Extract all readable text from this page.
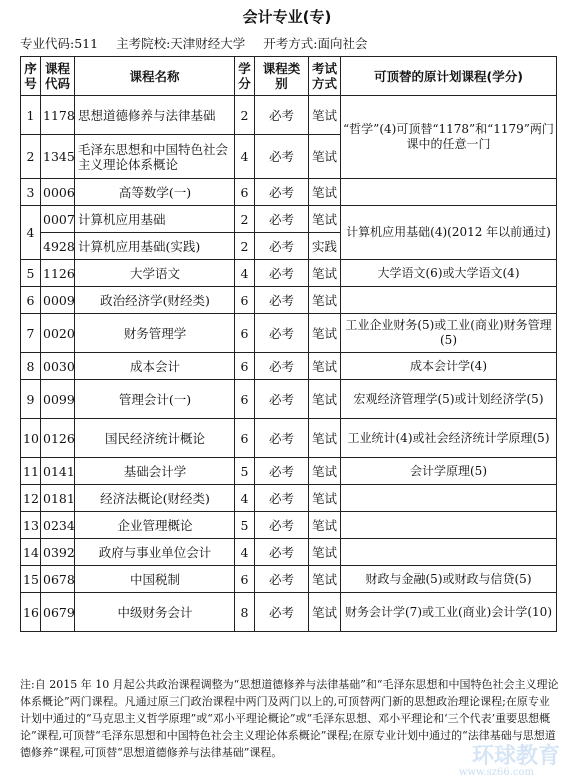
会计专业(专)
专业代码:511 主考院校:天津财经大学 开考方式:面向社会
序号	课程代码	课程名称	学分	课程类别	考试方式	可顶替的原计划课程(学分)
1	1178	思想道德修养与法律基础	2	必考	笔试	“哲学”(4)可顶替“1178”和“1179”两门课中的任意一门
2	1345	毛泽东思想和中国特色社会主义理论体系概论	4	必考	笔试	
3	0006	高等数学(一)	6	必考	笔试	
4	0007	计算机应用基础	2	必考	笔试	计算机应用基础(4)(2012 年以前通过)
	4928	计算机应用基础(实践)	2	必考	实践	
5	1126	大学语文	4	必考	笔试	大学语文(6)或大学语文(4)
6	0009	政治经济学(财经类)	6	必考	笔试	
7	0020	财务管理学	6	必考	笔试	工业企业财务(5)或工业(商业)财务管理(5)
8	0030	成本会计	6	必考	笔试	成本会计学(4)
9	0099	管理会计(一)	6	必考	笔试	宏观经济管理学(5)或计划经济学(5)
10	0126	国民经济统计概论	6	必考	笔试	工业统计(4)或社会经济统计学原理(5)
11	0141	基础会计学	5	必考	笔试	会计学原理(5)
12	0181	经济法概论(财经类)	4	必考	笔试	
13	0234	企业管理概论	5	必考	笔试	
14	0392	政府与事业单位会计	4	必考	笔试	
15	0678	中国税制	6	必考	笔试	财政与金融(5)或财政与信贷(5)
16	0679	中级财务会计	8	必考	笔试	财务会计学(7)或工业(商业)会计学(10)
注:自 2015 年 10 月起公共政治课程调整为“思想道德修养与法律基础”和“毛泽东思想和中国特色社会主义理论体系概论”两门课程。凡通过原三门政治课程中两门及两门以上的,可顶替两门新的思想政治理论课程;在原专业计划中通过的“马克思主义哲学原理”或“邓小平理论概论”或“毛泽东思想、邓小平理论和‘三个代表’重要思想概论”课程,可顶替“毛泽东思想和中国特色社会主义理论体系概论”课程;在原专业计划中通过的“法律基础与思想道德修养”课程,可顶替“思想道德修养与法律基础”课程。	环球教育
www.sz66.com
